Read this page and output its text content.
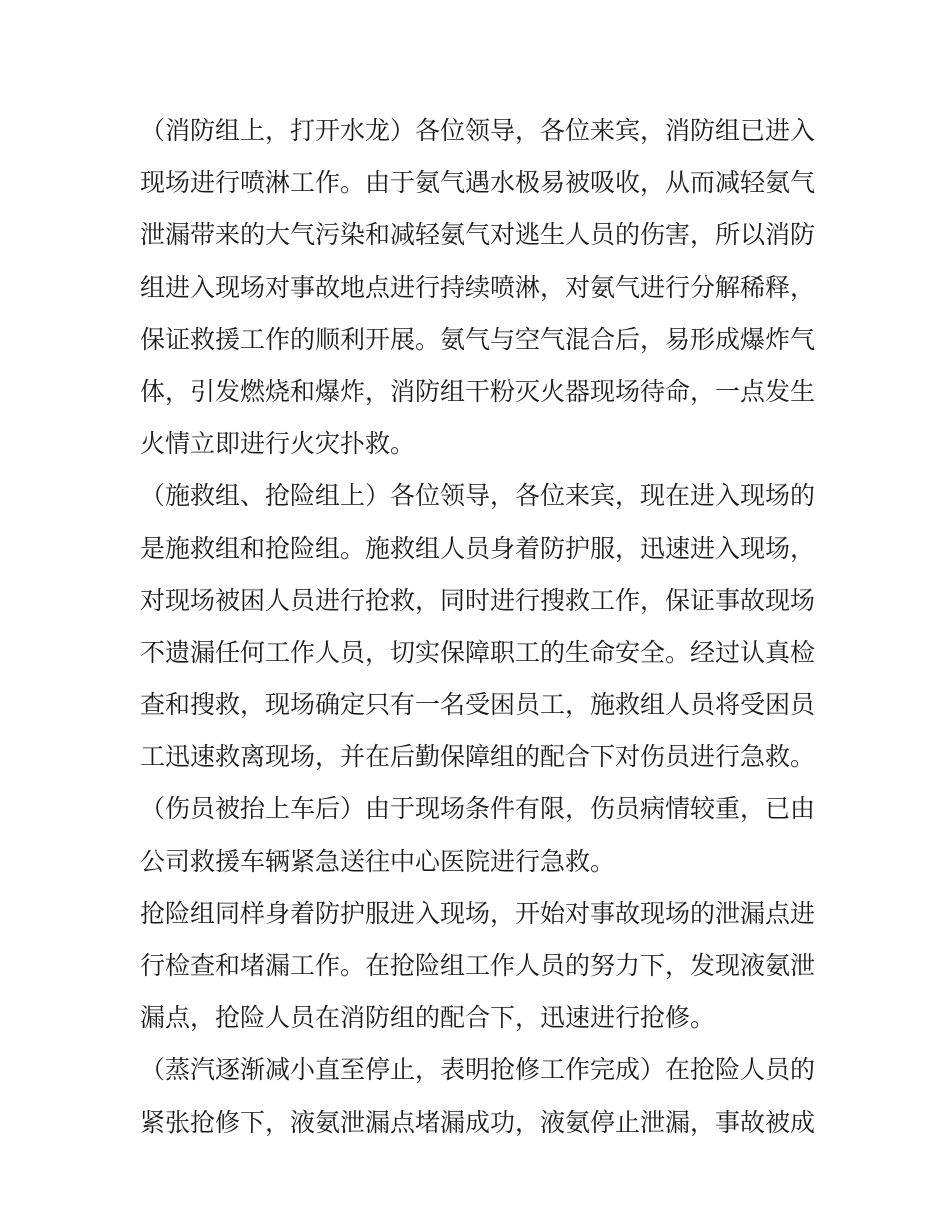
（消防组上，打开水龙）各位领导，各位来宾，消防组已进入
现场进行喷淋工作。由于氨气遇水极易被吸收，从而减轻氨气
泄漏带来的大气污染和减轻氨气对逃生人员的伤害，所以消防
组进入现场对事故地点进行持续喷淋，对氨气进行分解稀释，
保证救援工作的顺利开展。氨气与空气混合后，易形成爆炸气
体，引发燃烧和爆炸，消防组干粉灭火器现场待命，一点发生
火情立即进行火灾扑救。
（施救组、抢险组上）各位领导，各位来宾，现在进入现场的
是施救组和抢险组。施救组人员身着防护服，迅速进入现场，
对现场被困人员进行抢救，同时进行搜救工作，保证事故现场
不遗漏任何工作人员，切实保障职工的生命安全。经过认真检
查和搜救，现场确定只有一名受困员工，施救组人员将受困员
工迅速救离现场，并在后勤保障组的配合下对伤员进行急救。
（伤员被抬上车后）由于现场条件有限，伤员病情较重，已由
公司救援车辆紧急送往中心医院进行急救。
抢险组同样身着防护服进入现场，开始对事故现场的泄漏点进
行检查和堵漏工作。在抢险组工作人员的努力下，发现液氨泄
漏点，抢险人员在消防组的配合下，迅速进行抢修。
（蒸汽逐渐减小直至停止，表明抢修工作完成）在抢险人员的
紧张抢修下，液氨泄漏点堵漏成功，液氨停止泄漏，事故被成
